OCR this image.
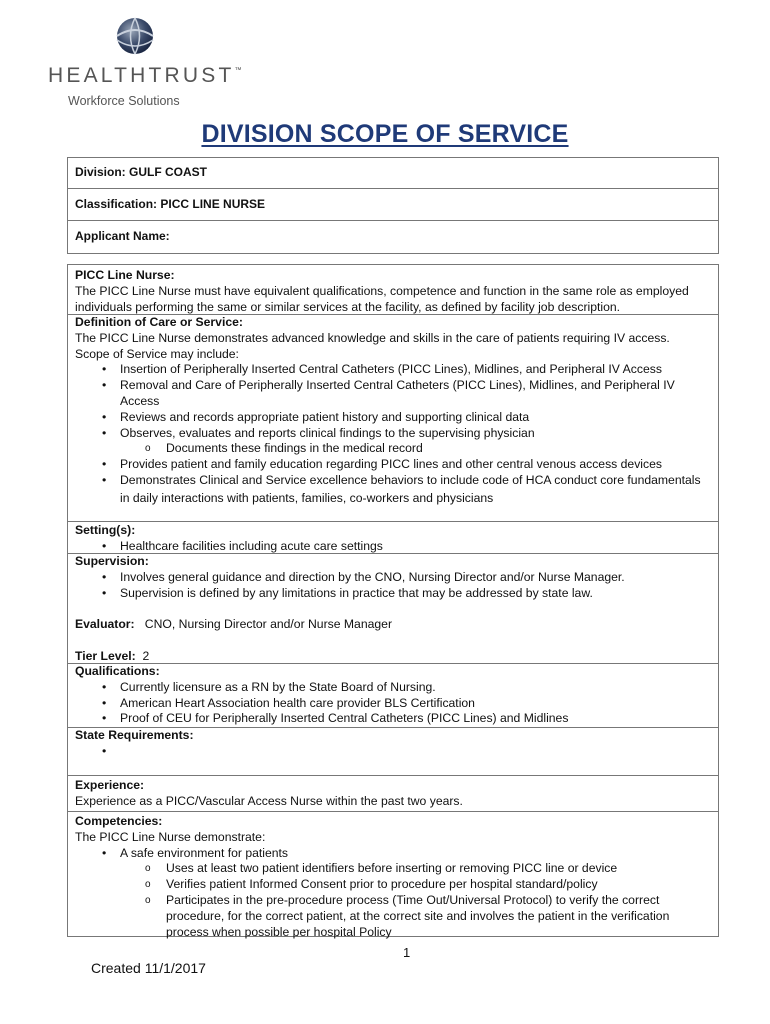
HEALTHTRUST™
Workforce Solutions
DIVISION SCOPE OF SERVICE
Division: GULF COAST
Classification: PICC LINE NURSE
Applicant Name:

PICC Line Nurse:

The PICC Line Nurse must have equivalent qualifications, competence and function in the same role as employed

individuals performing the same or similar services at the facility, as defined by facility job description.

Definition of Care or Service:

The PICC Line Nurse demonstrates advanced knowledge and skills in the care of patients requiring IV access.

Scope of Service may include:

• Insertion of Peripherally Inserted Central Catheters (PICC Lines), Midlines, and Peripheral IV Access
• Removal and Care of Peripherally Inserted Central Catheters (PICC Lines), Midlines, and Peripheral IV
Access
• Reviews and records appropriate patient history and supporting clinical data
• Observes, evaluates and reports clinical findings to the supervising physician
o Documents these findings in the medical record
• Provides patient and family education regarding PICC lines and other central venous access devices
• Demonstrates Clinical and Service excellence behaviors to include code of HCA conduct core fundamentals
in daily interactions with patients, families, co-workers and physicians

Setting(s):

• Healthcare facilities including acute care settings

Supervision:

• Involves general guidance and direction by the CNO, Nursing Director and/or Nurse Manager.
• Supervision is defined by any limitations in practice that may be addressed by state law.

Evaluator: CNO, Nursing Director and/or Nurse Manager

Tier Level: 2

Qualifications:

• Currently licensure as a RN by the State Board of Nursing.
• American Heart Association health care provider BLS Certification
• Proof of CEU for Peripherally Inserted Central Catheters (PICC Lines) and Midlines

State Requirements:

•

Experience:

Experience as a PICC/Vascular Access Nurse within the past two years.

Competencies:

The PICC Line Nurse demonstrate:

• A safe environment for patients
o Uses at least two patient identifiers before inserting or removing PICC line or device
o Verifies patient Informed Consent prior to procedure per hospital standard/policy
o Participates in the pre-procedure process (Time Out/Universal Protocol) to verify the correct
procedure, for the correct patient, at the correct site and involves the patient in the verification
process when possible per hospital Policy
1
Created 11/1/2017
